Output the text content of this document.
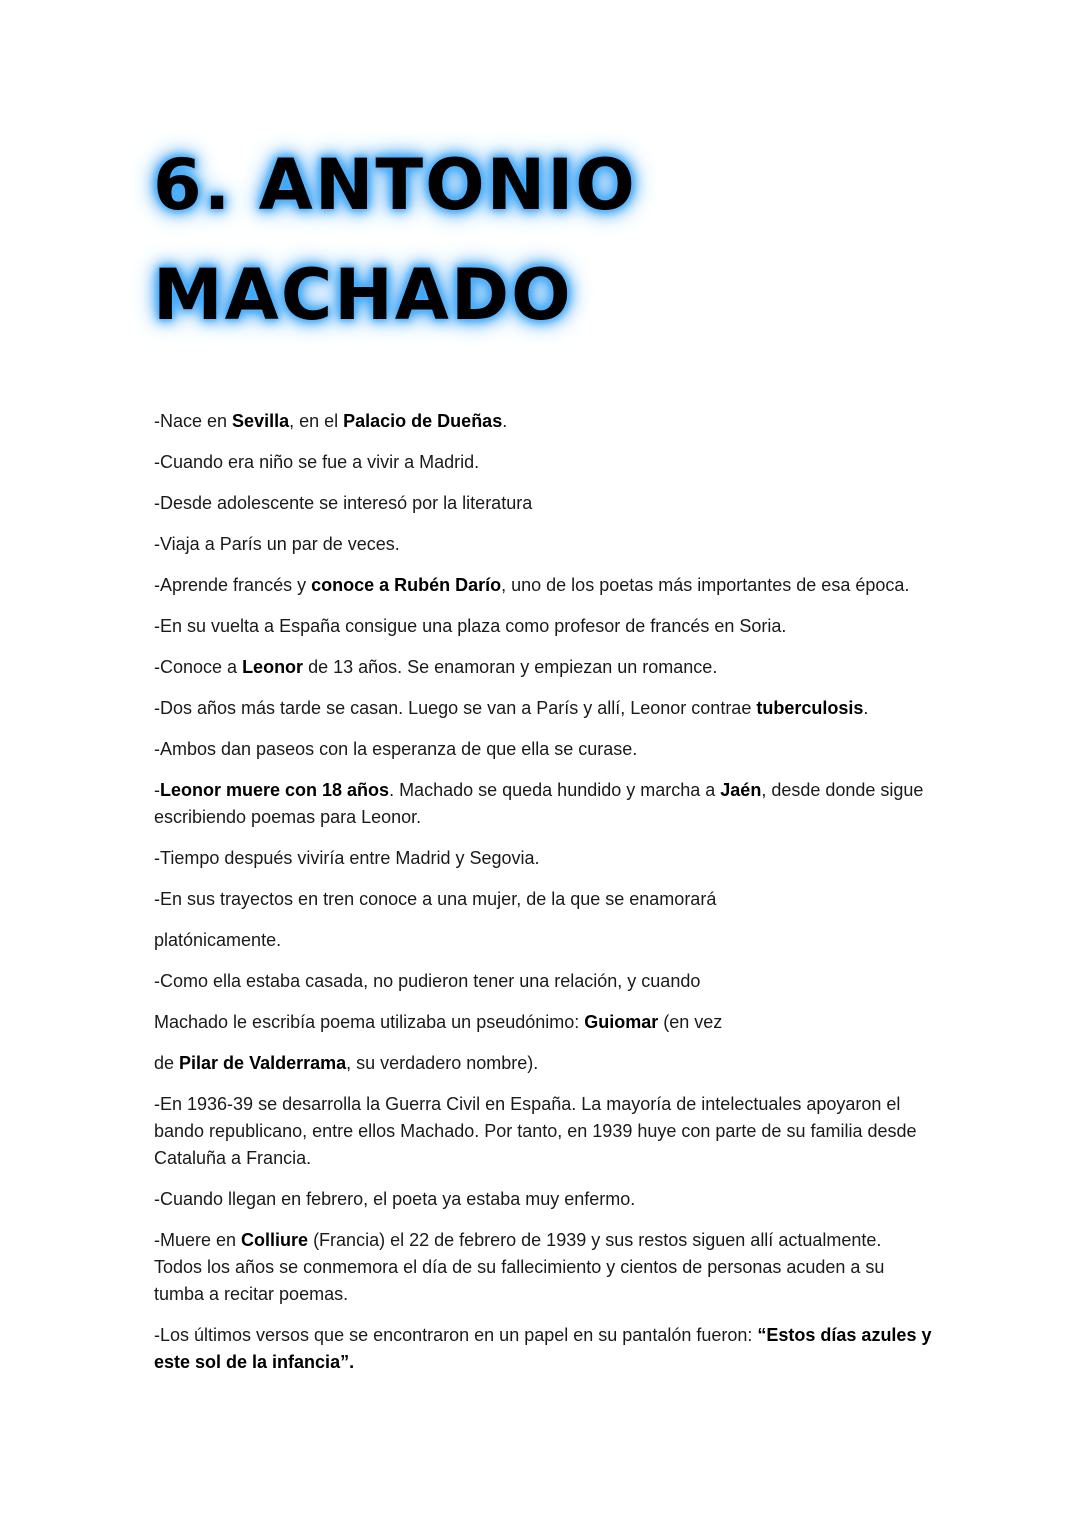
6. ANTONIO
MACHADO

-Nace en Sevilla, en el Palacio de Dueñas.

-Cuando era niño se fue a vivir a Madrid.

-Desde adolescente se interesó por la literatura

-Viaja a París un par de veces.

-Aprende francés y conoce a Rubén Darío, uno de los poetas más importantes de esa época.

-En su vuelta a España consigue una plaza como profesor de francés en Soria.

-Conoce a Leonor de 13 años. Se enamoran y empiezan un romance.

-Dos años más tarde se casan. Luego se van a París y allí, Leonor contrae tuberculosis.

-Ambos dan paseos con la esperanza de que ella se curase.

-Leonor muere con 18 años. Machado se queda hundido y marcha a Jaén, desde donde sigue escribiendo poemas para Leonor.

-Tiempo después viviría entre Madrid y Segovia.

-En sus trayectos en tren conoce a una mujer, de la que se enamorará

platónicamente.

-Como ella estaba casada, no pudieron tener una relación, y cuando

Machado le escribía poema utilizaba un pseudónimo: Guiomar (en vez

de Pilar de Valderrama, su verdadero nombre).

-En 1936-39 se desarrolla la Guerra Civil en España. La mayoría de intelectuales apoyaron el bando republicano, entre ellos Machado. Por tanto, en 1939 huye con parte de su familia desde Cataluña a Francia.

-Cuando llegan en febrero, el poeta ya estaba muy enfermo.

-Muere en Colliure (Francia) el 22 de febrero de 1939 y sus restos siguen allí actualmente. Todos los años se conmemora el día de su fallecimiento y cientos de personas acuden a su tumba a recitar poemas.

-Los últimos versos que se encontraron en un papel en su pantalón fueron: “Estos días azules y este sol de la infancia”.
